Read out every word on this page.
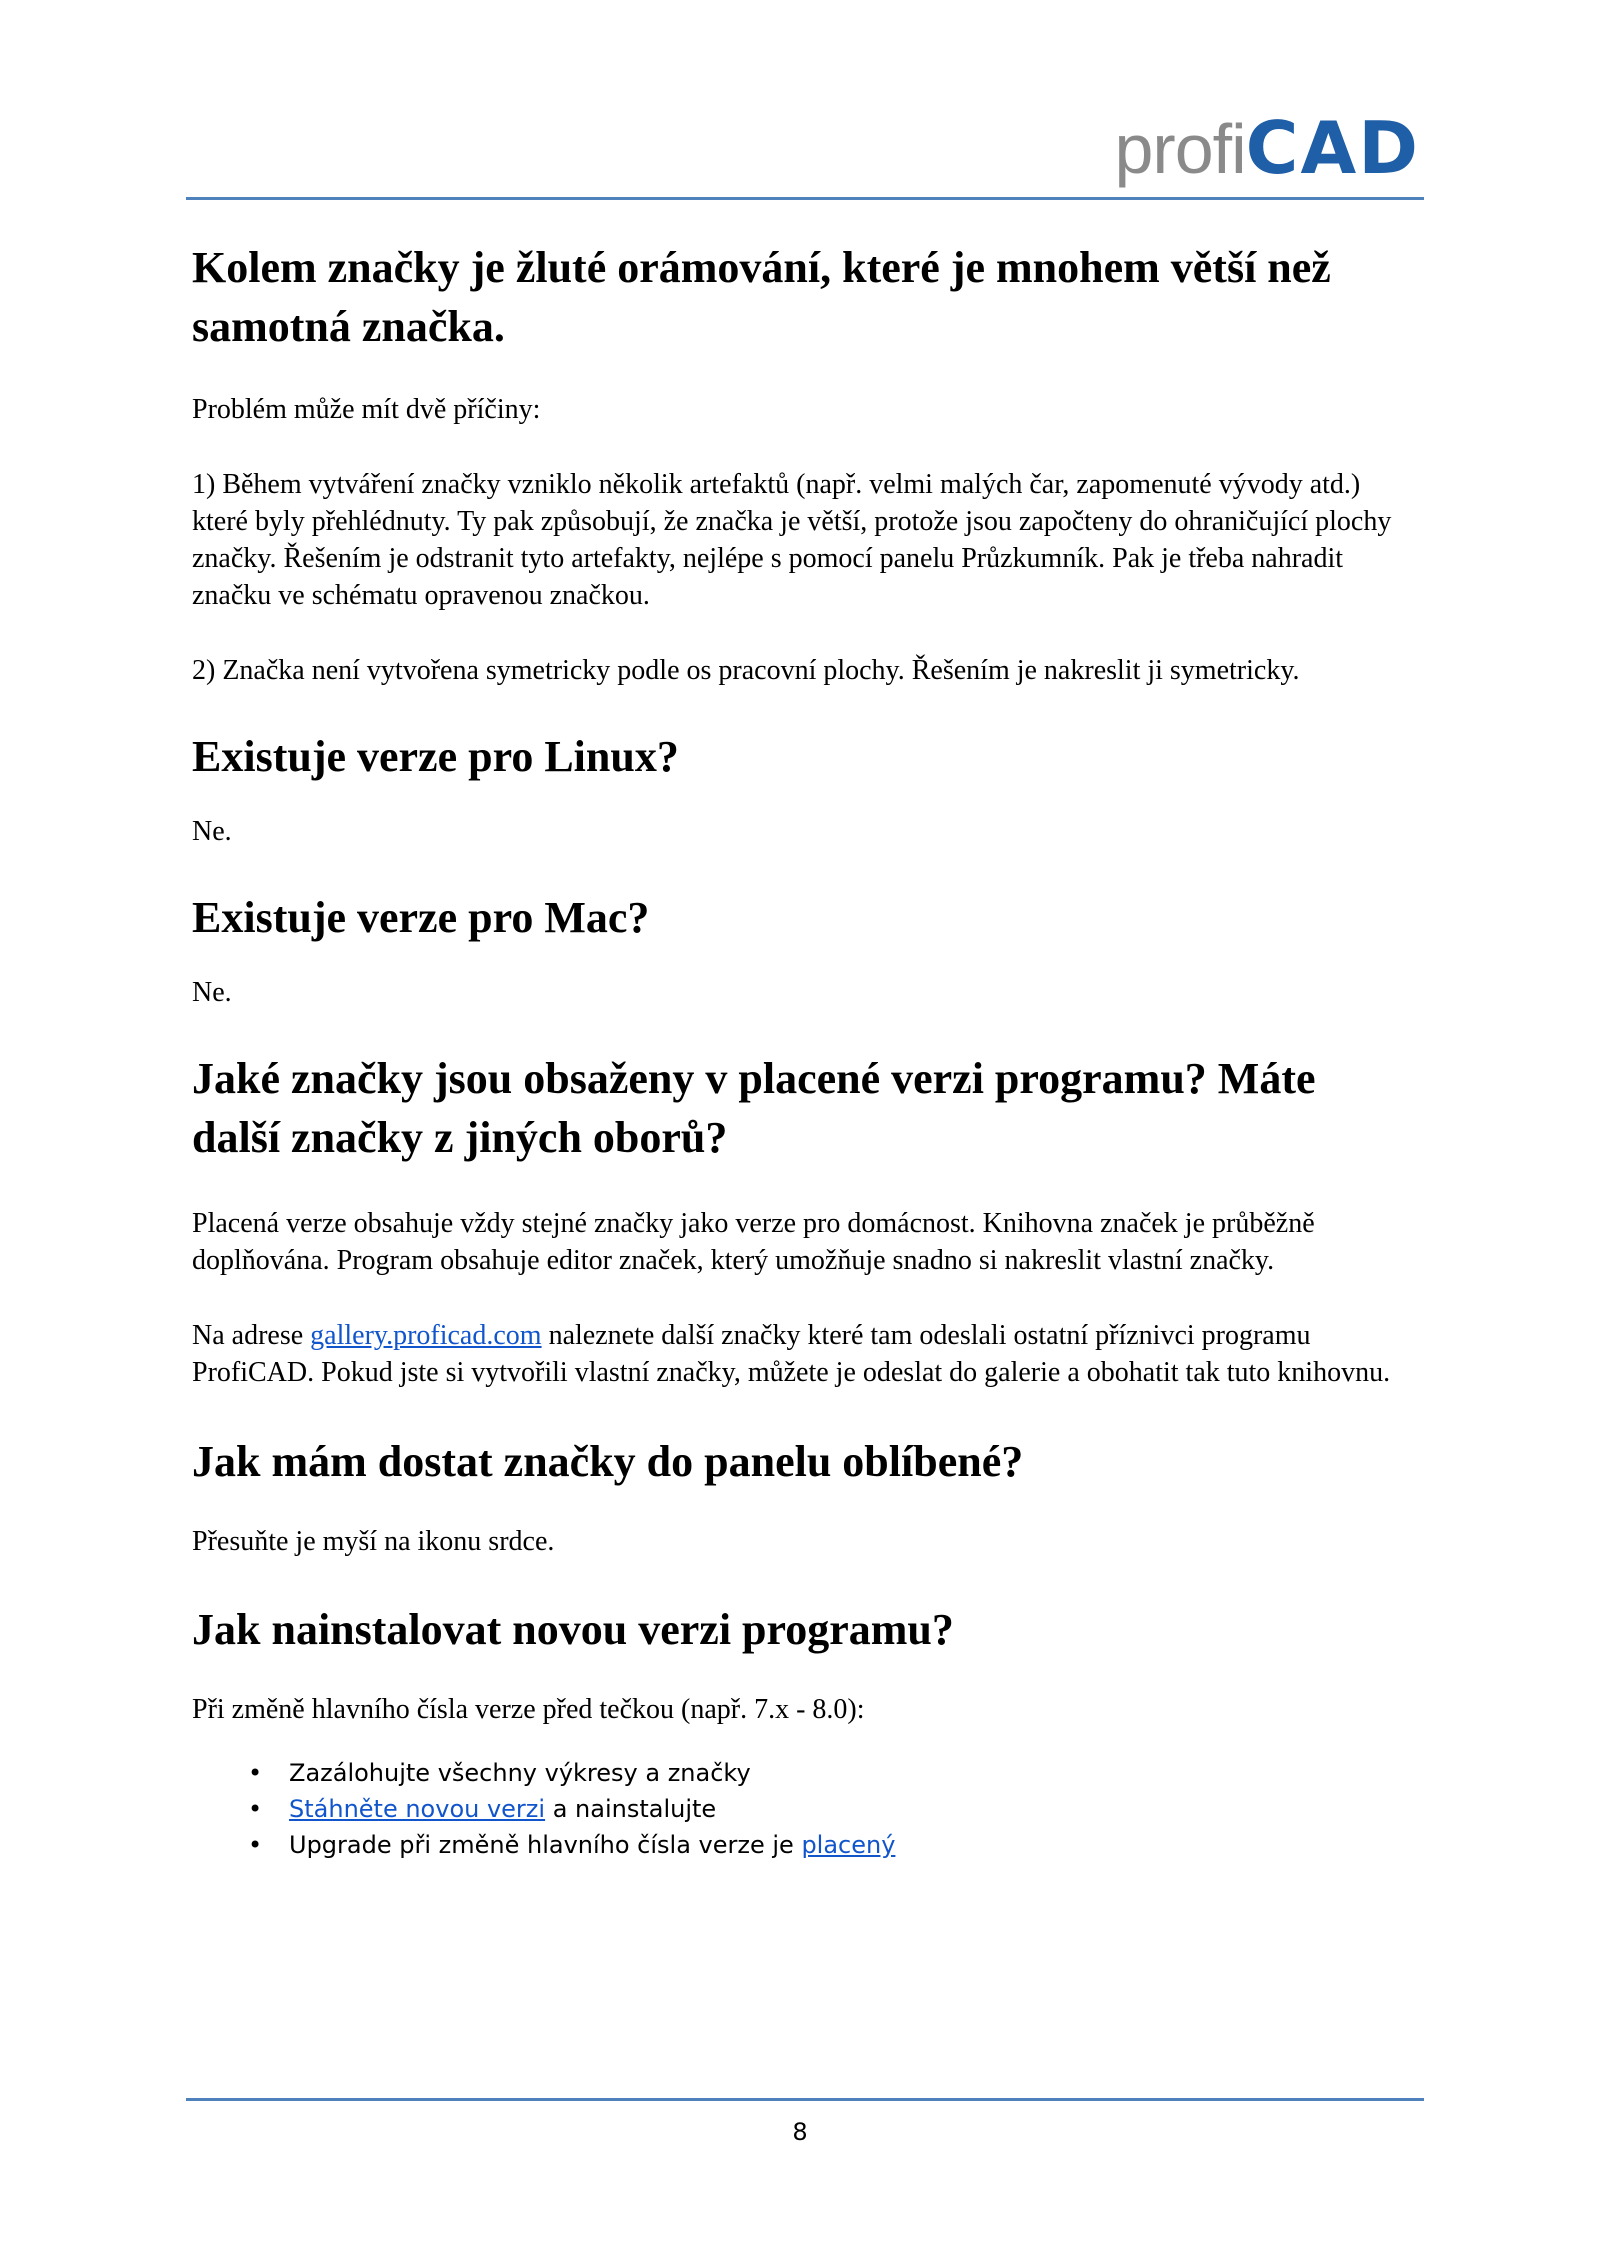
profi CAD
Kolem značky je žluté orámování, které je mnohem větší než samotná značka.

Problém může mít dvě příčiny:

1) Během vytváření značky vzniklo několik artefaktů (např. velmi malých čar, zapomenuté vývody atd.) které byly přehlédnuty. Ty pak způsobují, že značka je větší, protože jsou započteny do ohraničující plochy značky. Řešením je odstranit tyto artefakty, nejlépe s pomocí panelu Průzkumník. Pak je třeba nahradit značku ve schématu opravenou značkou.

2) Značka není vytvořena symetricky podle os pracovní plochy. Řešením je nakreslit ji symetricky.

Existuje verze pro Linux?

Ne.

Existuje verze pro Mac?

Ne.

Jaké značky jsou obsaženy v placené verzi programu? Máte další značky z jiných oborů?

Placená verze obsahuje vždy stejné značky jako verze pro domácnost. Knihovna značek je průběžně doplňována. Program obsahuje editor značek, který umožňuje snadno si nakreslit vlastní značky.

Na adrese gallery.proficad.com naleznete další značky které tam odeslali ostatní příznivci programu ProfiCAD. Pokud jste si vytvořili vlastní značky, můžete je odeslat do galerie a obohatit tak tuto knihovnu.

Jak mám dostat značky do panelu oblíbené?

Přesuňte je myší na ikonu srdce.

Jak nainstalovat novou verzi programu?

Při změně hlavního čísla verze před tečkou (např. 7.x - 8.0):

• Zazálohujte všechny výkresy a značky
• Stáhněte novou verzi a nainstalujte
• Upgrade při změně hlavního čísla verze je placený
8
